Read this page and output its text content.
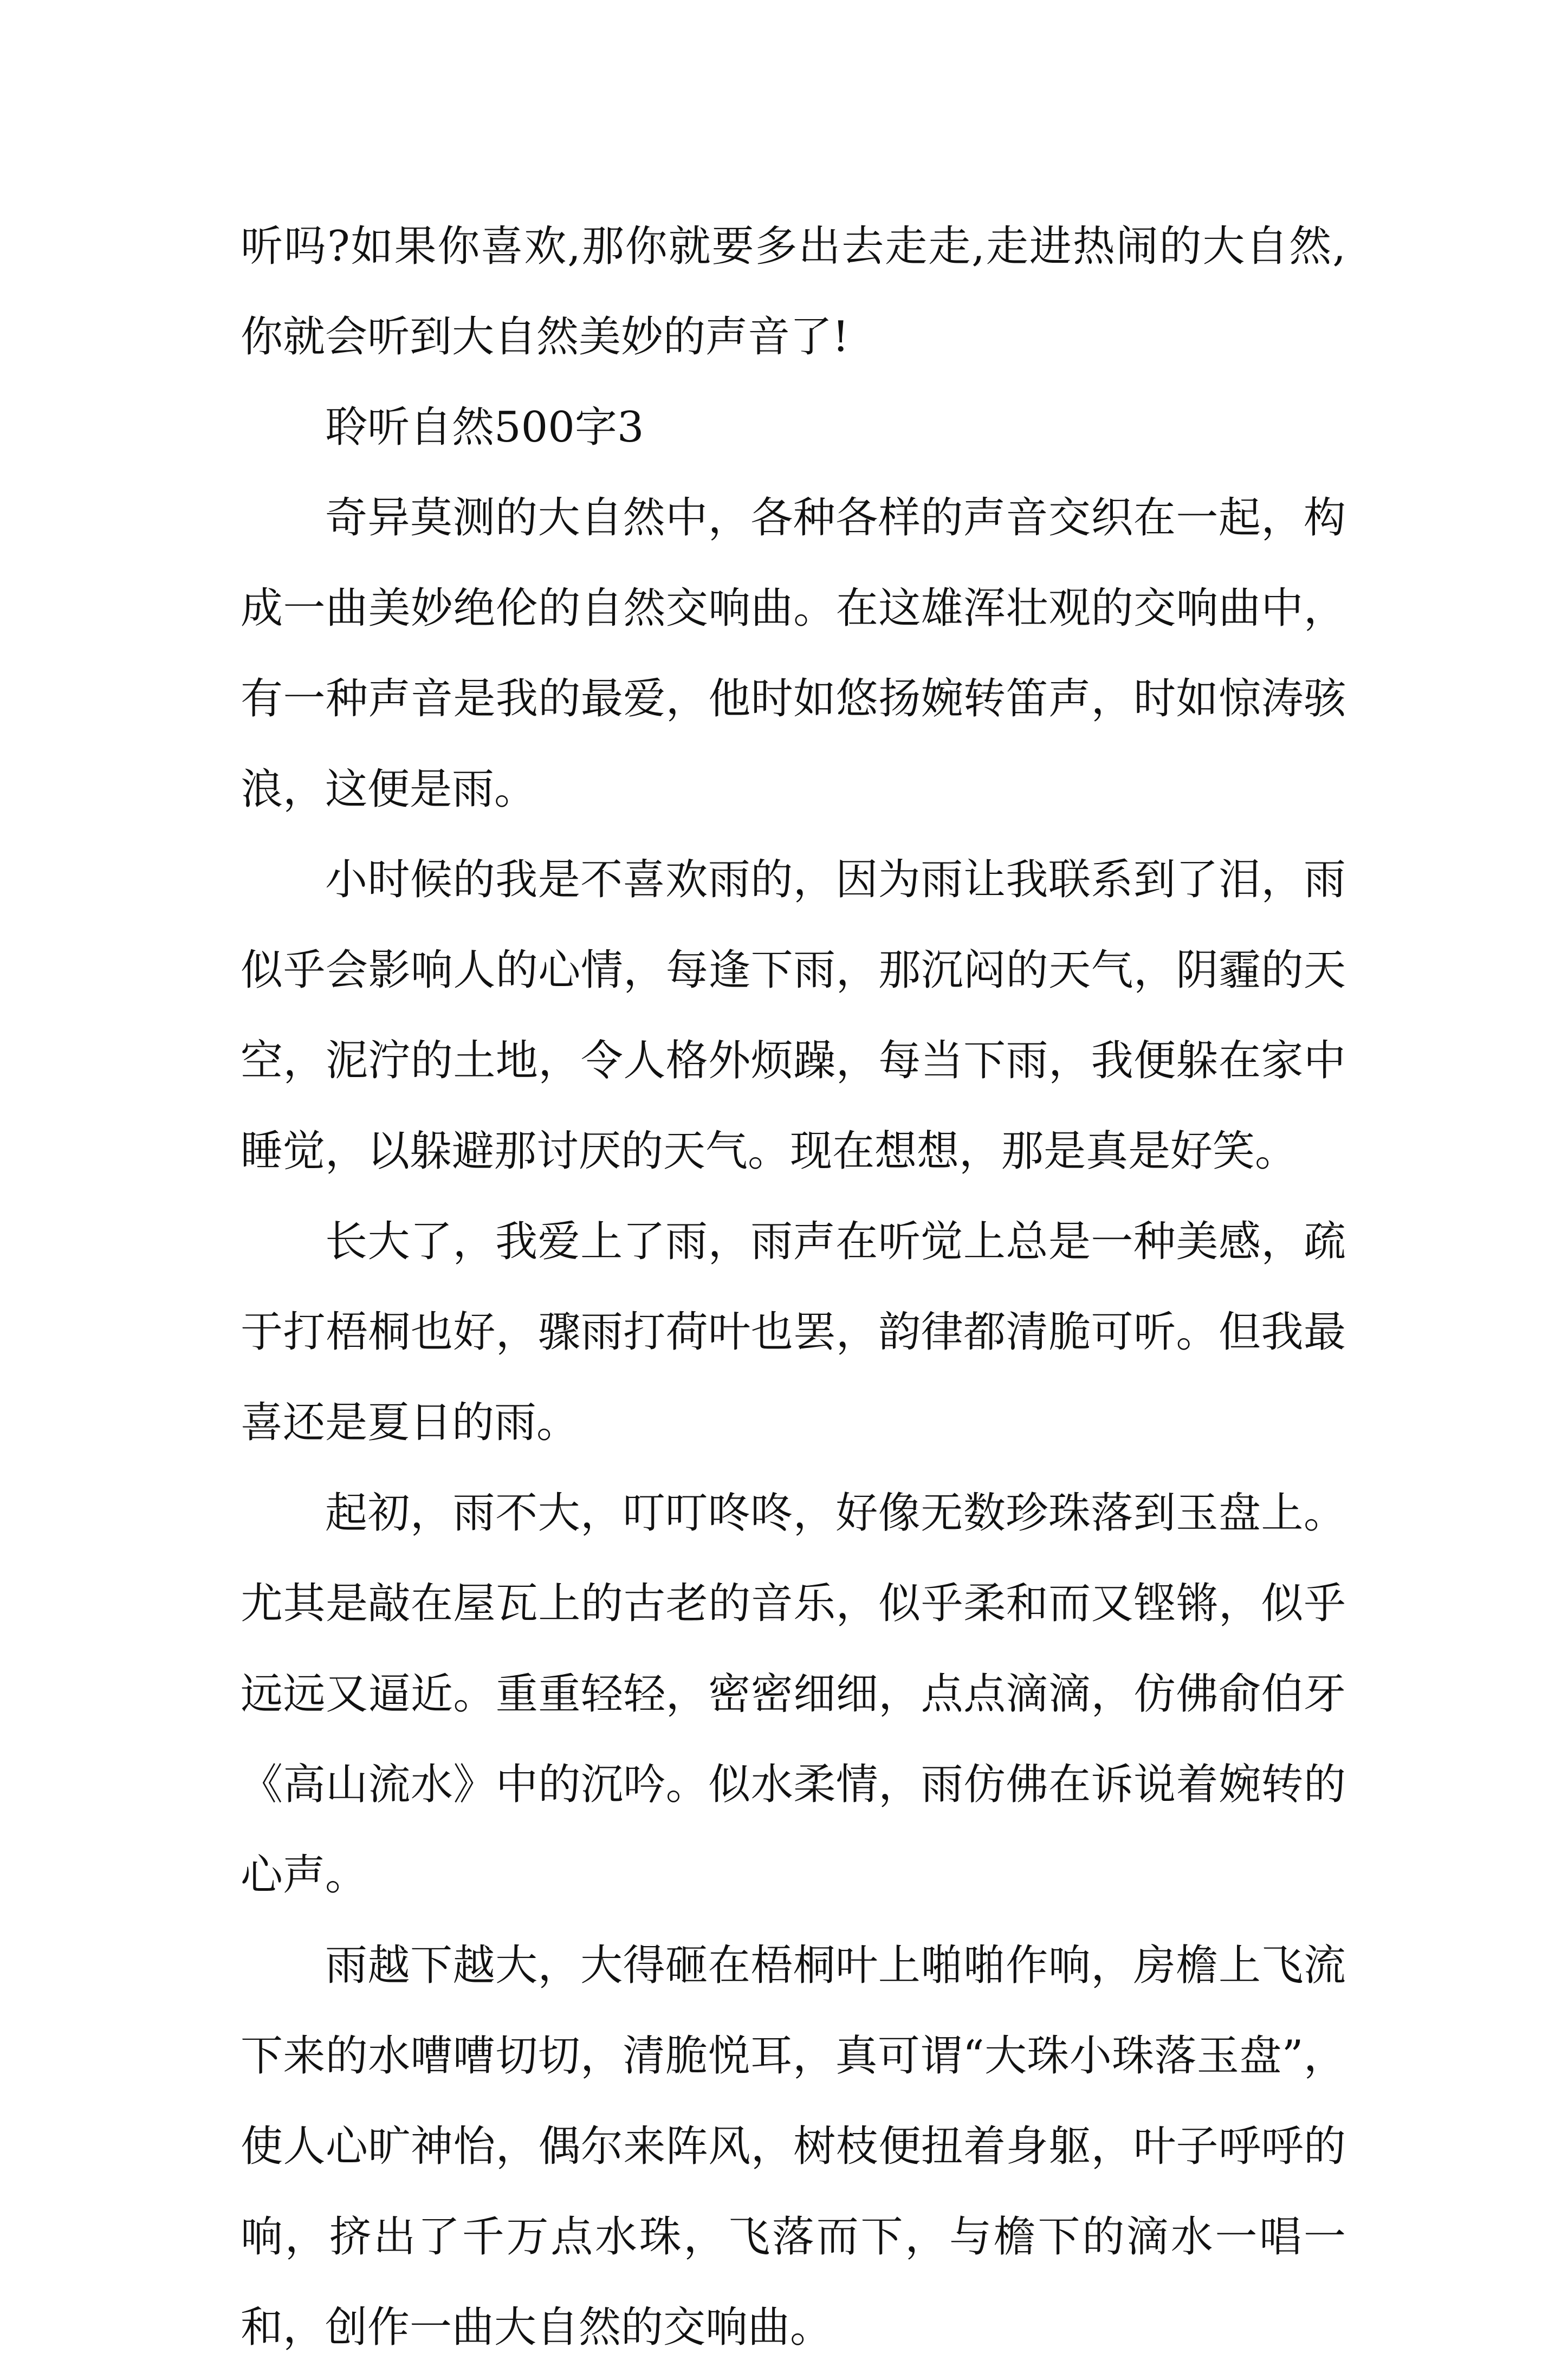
听吗?如果你喜欢,那你就要多出去走走,走进热闹的大自然,你就会听到大自然美妙的声音了!

聆听自然500字3

奇异莫测的大自然中，各种各样的声音交织在一起，构成一曲美妙绝伦的自然交响曲。在这雄浑壮观的交响曲中，有一种声音是我的最爱，他时如悠扬婉转笛声，时如惊涛骇浪，这便是雨。

小时候的我是不喜欢雨的，因为雨让我联系到了泪，雨似乎会影响人的心情，每逢下雨，那沉闷的天气，阴霾的天空，泥泞的土地，令人格外烦躁，每当下雨，我便躲在家中睡觉，以躲避那讨厌的天气。现在想想，那是真是好笑。

长大了，我爱上了雨，雨声在听觉上总是一种美感，疏于打梧桐也好，骤雨打荷叶也罢，韵律都清脆可听。但我最喜还是夏日的雨。

起初，雨不大，叮叮咚咚，好像无数珍珠落到玉盘上。尤其是敲在屋瓦上的古老的音乐，似乎柔和而又铿锵，似乎远远又逼近。重重轻轻，密密细细，点点滴滴，仿佛俞伯牙《高山流水》中的沉吟。似水柔情，雨仿佛在诉说着婉转的心声。

雨越下越大，大得砸在梧桐叶上啪啪作响，房檐上飞流下来的水嘈嘈切切，清脆悦耳，真可谓“大珠小珠落玉盘”，使人心旷神怡，偶尔来阵风，树枝便扭着身躯，叶子呼呼的响，挤出了千万点水珠，飞落而下，与檐下的滴水一唱一和，创作一曲大自然的交响曲。
